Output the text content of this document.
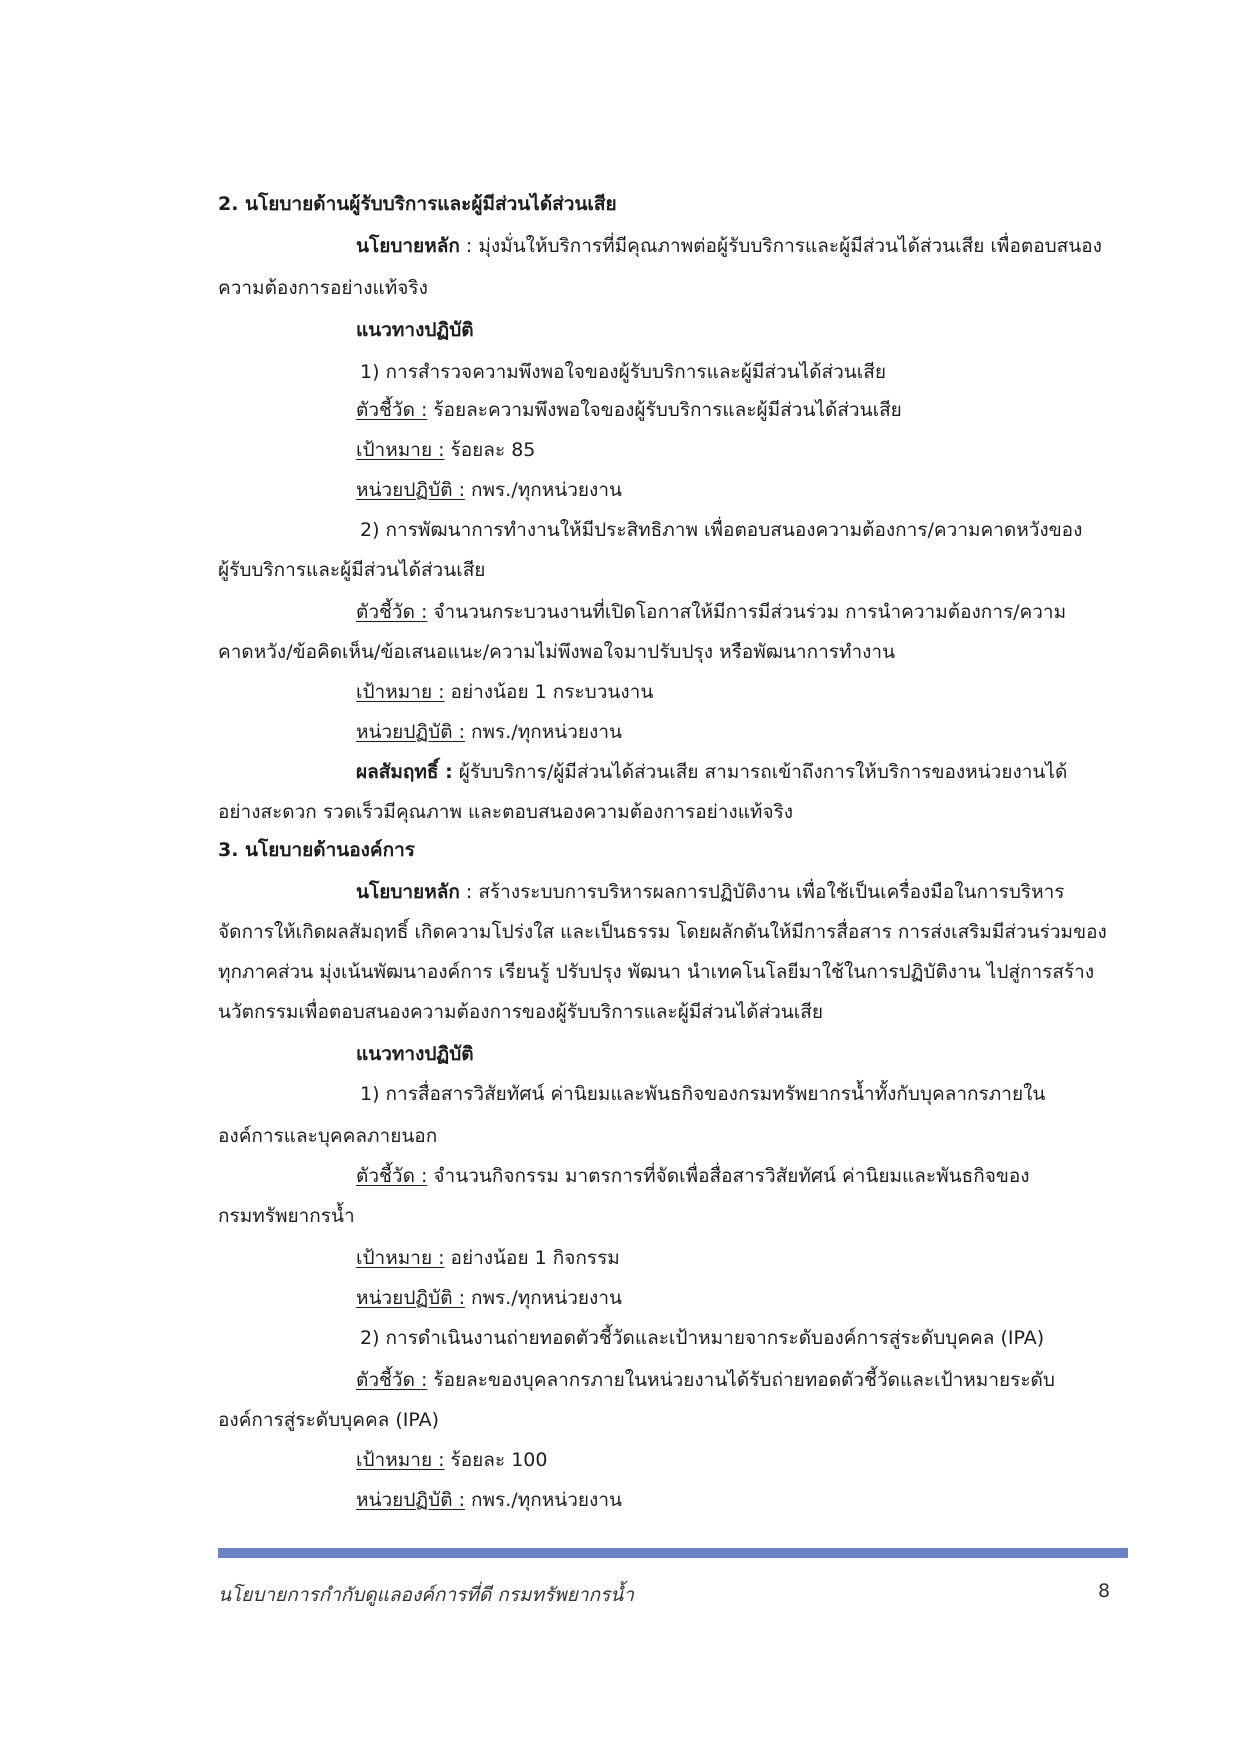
2. นโยบายด้านผู้รับบริการและผู้มีส่วนได้ส่วนเสีย
นโยบายหลัก : มุ่งมั่นให้บริการที่มีคุณภาพต่อผู้รับบริการและผู้มีส่วนได้ส่วนเสีย เพื่อตอบสนอง
ความต้องการอย่างแท้จริง
แนวทางปฏิบัติ
1) การสำรวจความพึงพอใจของผู้รับบริการและผู้มีส่วนได้ส่วนเสีย
ตัวชี้วัด : ร้อยละความพึงพอใจของผู้รับบริการและผู้มีส่วนได้ส่วนเสีย
เป้าหมาย : ร้อยละ 85
หน่วยปฏิบัติ : กพร./ทุกหน่วยงาน
2) การพัฒนาการทำงานให้มีประสิทธิภาพ เพื่อตอบสนองความต้องการ/ความคาดหวังของ
ผู้รับบริการและผู้มีส่วนได้ส่วนเสีย
ตัวชี้วัด : จำนวนกระบวนงานที่เปิดโอกาสให้มีการมีส่วนร่วม การนำความต้องการ/ความ
คาดหวัง/ข้อคิดเห็น/ข้อเสนอแนะ/ความไม่พึงพอใจมาปรับปรุง หรือพัฒนาการทำงาน
เป้าหมาย : อย่างน้อย 1 กระบวนงาน
หน่วยปฏิบัติ : กพร./ทุกหน่วยงาน
ผลสัมฤทธิ์ : ผู้รับบริการ/ผู้มีส่วนได้ส่วนเสีย สามารถเข้าถึงการให้บริการของหน่วยงานได้
อย่างสะดวก รวดเร็วมีคุณภาพ และตอบสนองความต้องการอย่างแท้จริง
3. นโยบายด้านองค์การ
นโยบายหลัก : สร้างระบบการบริหารผลการปฏิบัติงาน เพื่อใช้เป็นเครื่องมือในการบริหาร
จัดการให้เกิดผลสัมฤทธิ์ เกิดความโปร่งใส และเป็นธรรม โดยผลักดันให้มีการสื่อสาร การส่งเสริมมีส่วนร่วมของ
ทุกภาคส่วน มุ่งเน้นพัฒนาองค์การ เรียนรู้ ปรับปรุง พัฒนา นำเทคโนโลยีมาใช้ในการปฏิบัติงาน ไปสู่การสร้าง
นวัตกรรมเพื่อตอบสนองความต้องการของผู้รับบริการและผู้มีส่วนได้ส่วนเสีย
แนวทางปฏิบัติ
1) การสื่อสารวิสัยทัศน์ ค่านิยมและพันธกิจของกรมทรัพยากรน้ำทั้งกับบุคลากรภายใน
องค์การและบุคคลภายนอก
ตัวชี้วัด : จำนวนกิจกรรม มาตรการที่จัดเพื่อสื่อสารวิสัยทัศน์ ค่านิยมและพันธกิจของ
กรมทรัพยากรน้ำ
เป้าหมาย : อย่างน้อย 1 กิจกรรม
หน่วยปฏิบัติ : กพร./ทุกหน่วยงาน
2) การดำเนินงานถ่ายทอดตัวชี้วัดและเป้าหมายจากระดับองค์การสู่ระดับบุคคล (IPA)
ตัวชี้วัด : ร้อยละของบุคลากรภายในหน่วยงานได้รับถ่ายทอดตัวชี้วัดและเป้าหมายระดับ
องค์การสู่ระดับบุคคล (IPA)
เป้าหมาย : ร้อยละ 100
หน่วยปฏิบัติ : กพร./ทุกหน่วยงาน
นโยบายการกำกับดูแลองค์การที่ดี กรมทรัพยากรน้ำ	8
